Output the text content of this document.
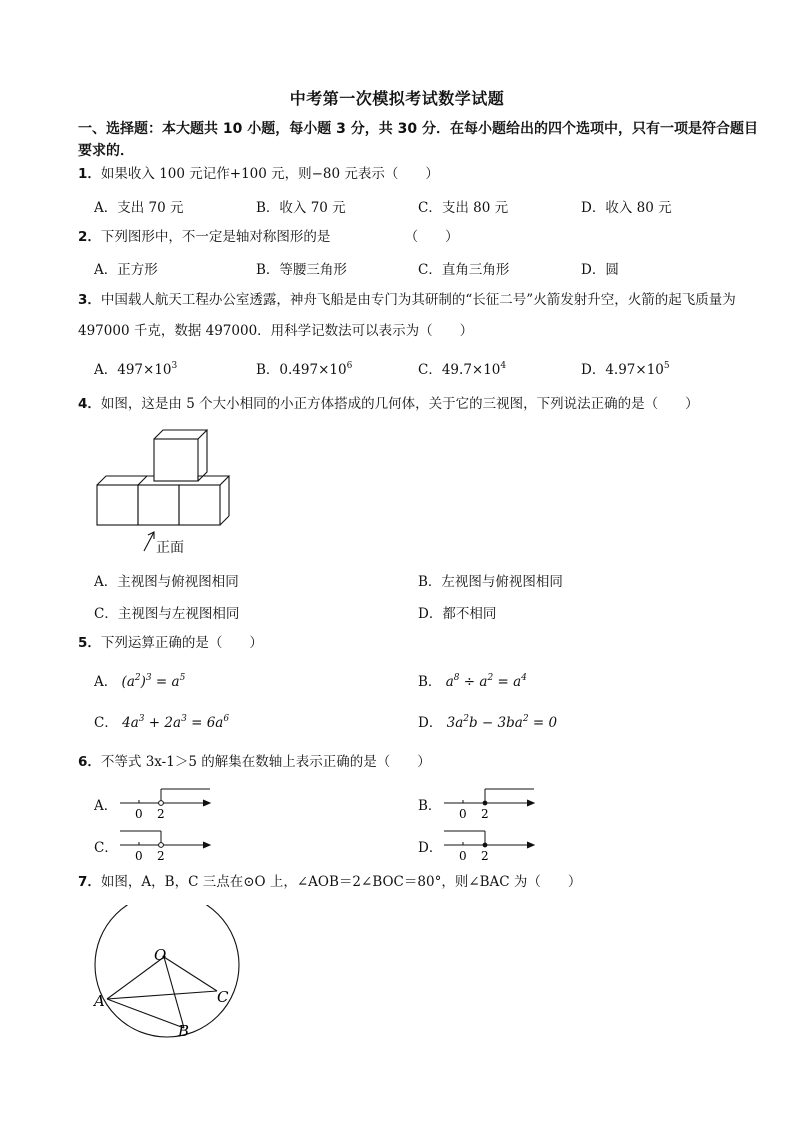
中考第一次模拟考试数学试题
一、选择题：本大题共 10 小题，每小题 3 分，共 30 分．在每小题给出的四个选项中，只有一项是符合题目要求的．
1．如果收入 100 元记作+100 元，则−80 元表示（　　）
A．支出 70 元	B．收入 70 元	C．支出 80 元	D．收入 80 元
2．下列图形中，不一定是轴对称图形的是　　　　　　（　　）
A．正方形	B．等腰三角形	C．直角三角形	D．圆
3．中国载人航天工程办公室透露，神舟飞船是由专门为其研制的“长征二号”火箭发射升空，火箭的起飞质量为 497000 千克，数据 497000．用科学记数法可以表示为（　　）
A．$497\times 10^3$	B．$0.497\times 10^6$	C．$49.7\times 10^4$	D．$4.97\times 10^5$
4．如图，这是由 5 个大小相同的小正方体搭成的几何体，关于它的三视图，下列说法正确的是（　　）
正面
A．主视图与俯视图相同	B．左视图与俯视图相同
C．主视图与左视图相同	D．都不相同
5．下列运算正确的是（　　）
A． $(a^2)^3 = a^5$	B． $a^8 \div a^2 = a^4$
C． $4a^3 + 2a^3 = 6a^6$	D． $3a^2b - 3ba^2 = 0$
6．不等式 3x-1＞5 的解集在数轴上表示正确的是（　　）
A． 0 2	B． 0 2
C． 0 2	D． 0 2
7．如图，A，B，C 三点在⊙O 上，∠AOB＝2∠BOC＝80°，则∠BAC 为（　　）
O
A
B
C
